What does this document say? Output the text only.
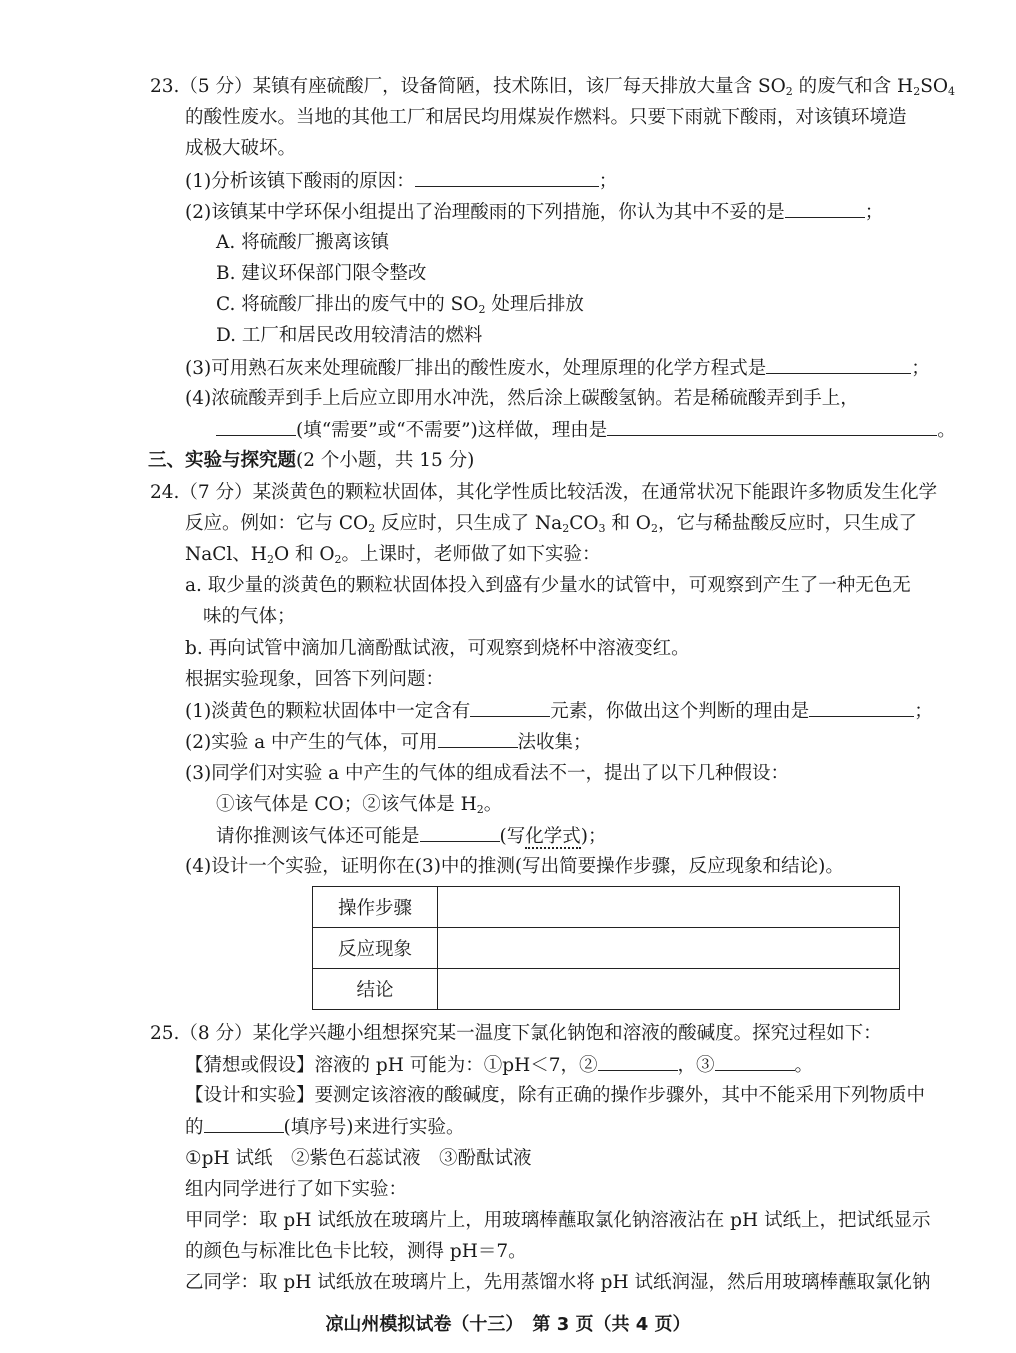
23.（5 分）某镇有座硫酸厂，设备简陋，技术陈旧，该厂每天排放大量含 $SO_2$ 的废气和含 $H_2SO_4$
的酸性废水。当地的其他工厂和居民均用煤炭作燃料。只要下雨就下酸雨，对该镇环境造
成极大破坏。
(1)分析该镇下酸雨的原因：	；
(2)该镇某中学环保小组提出了治理酸雨的下列措施，你认为其中不妥的是	；
A. 将硫酸厂搬离该镇
B. 建议环保部门限令整改
C. 将硫酸厂排出的废气中的 $SO_2$ 处理后排放
D. 工厂和居民改用较清洁的燃料
(3)可用熟石灰来处理硫酸厂排出的酸性废水，处理原理的化学方程式是	；
(4)浓硫酸弄到手上后应立即用水冲洗，然后涂上碳酸氢钠。若是稀硫酸弄到手上，
(填“需要”或“不需要”)这样做，理由是	。
三、实验与探究题(2 个小题，共 15 分)
24.（7 分）某淡黄色的颗粒状固体，其化学性质比较活泼，在通常状况下能跟许多物质发生化学
反应。例如：它与 $CO_2$ 反应时，只生成了 $Na_2CO_3$ 和 $O_2$，它与稀盐酸反应时，只生成了
NaCl、$H_2O$ 和 $O_2$。上课时，老师做了如下实验：
a. 取少量的淡黄色的颗粒状固体投入到盛有少量水的试管中，可观察到产生了一种无色无
味的气体；
b. 再向试管中滴加几滴酚酞试液，可观察到烧杯中溶液变红。
根据实验现象，回答下列问题：
(1)淡黄色的颗粒状固体中一定含有	元素，你做出这个判断的理由是	；
(2)实验 a 中产生的气体，可用	法收集；
(3)同学们对实验 a 中产生的气体的组成看法不一，提出了以下几种假设：
①该气体是 CO；②该气体是 $H_2$。
请你推测该气体还可能是	(写化学式)；
(4)设计一个实验，证明你在(3)中的推测(写出简要操作步骤，反应现象和结论)。
操作步骤	
反应现象	
结论	
25.（8 分）某化学兴趣小组想探究某一温度下氯化钠饱和溶液的酸碱度。探究过程如下：
【猜想或假设】溶液的 pH 可能为：①pH＜7，②	，③	。
【设计和实验】要测定该溶液的酸碱度，除有正确的操作步骤外，其中不能采用下列物质中
的	(填序号)来进行实验。
①pH 试纸　②紫色石蕊试液　③酚酞试液
组内同学进行了如下实验：
甲同学：取 pH 试纸放在玻璃片上，用玻璃棒蘸取氯化钠溶液沾在 pH 试纸上，把试纸显示
的颜色与标准比色卡比较，测得 pH＝7。
乙同学：取 pH 试纸放在玻璃片上，先用蒸馏水将 pH 试纸润湿，然后用玻璃棒蘸取氯化钠
凉山州模拟试卷（十三）　第 3 页（共 4 页）
